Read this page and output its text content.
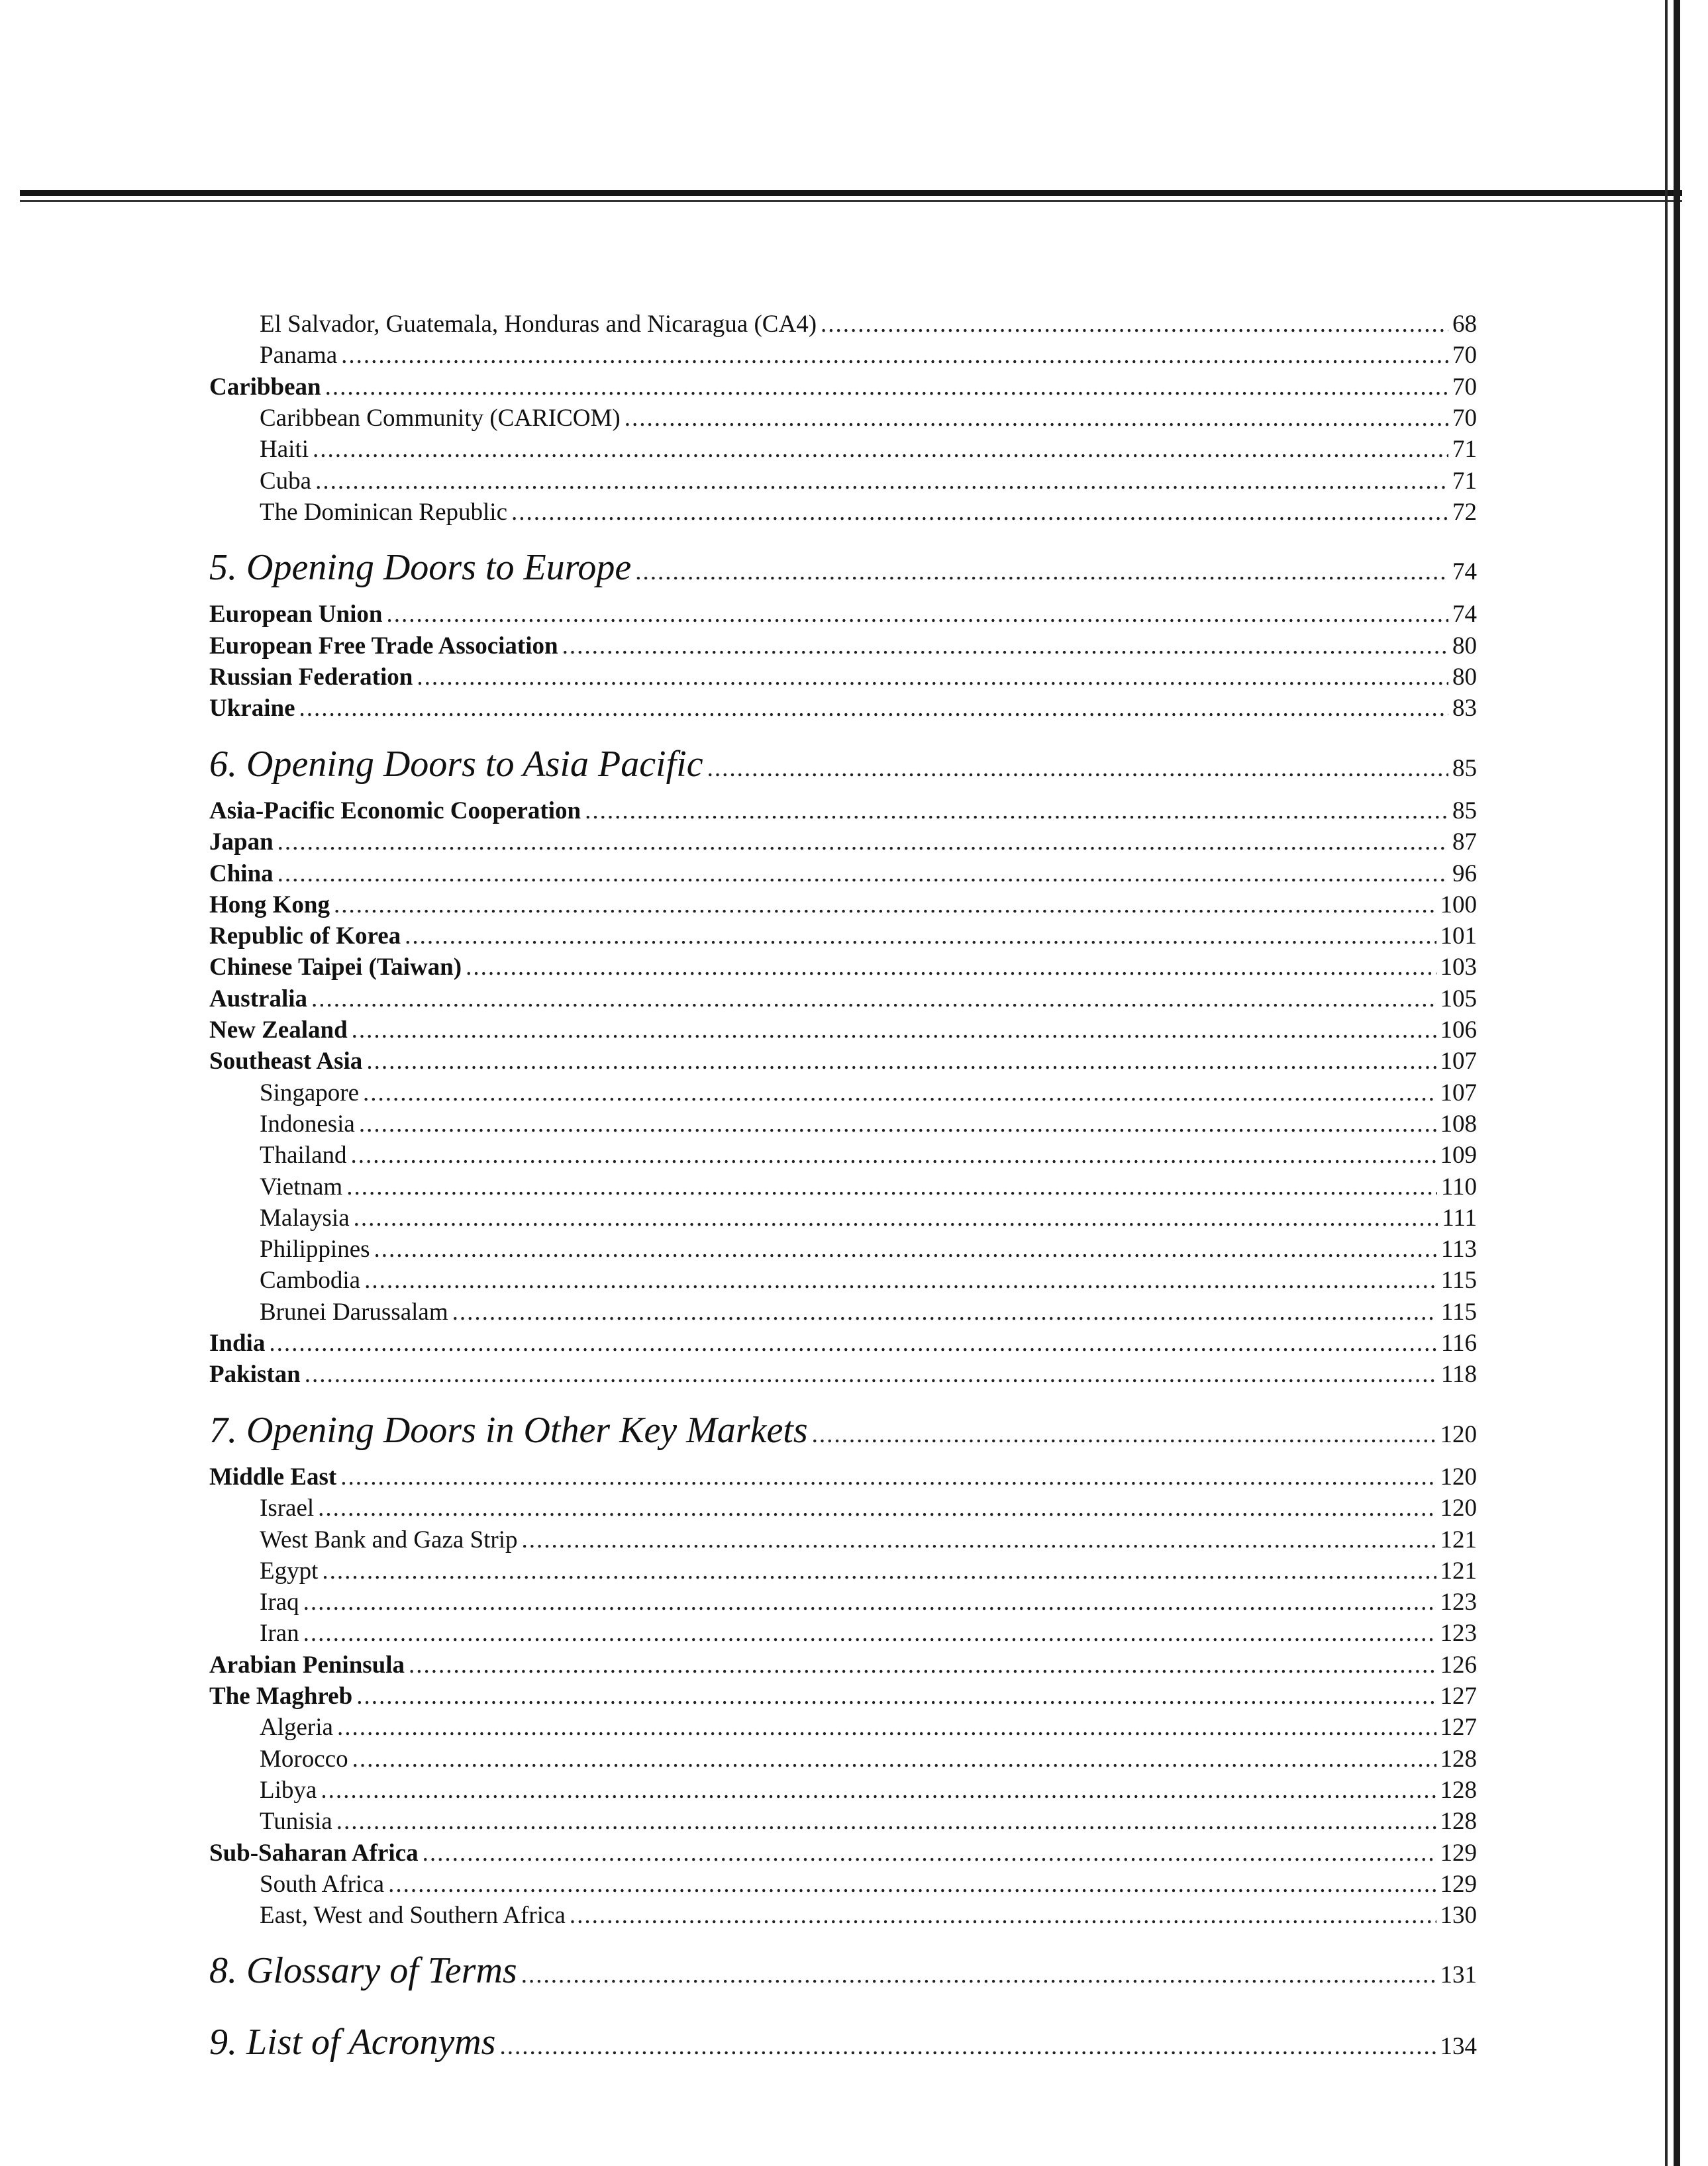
El Salvador, Guatemala, Honduras and Nicaragua (CA4) .....	68
Panama .....	70
Caribbean .....	70
Caribbean Community (CARICOM) .....	70
Haiti .....	71
Cuba .....	71
The Dominican Republic .....	72
5. Opening Doors to Europe .....	74
European Union .....	74
European Free Trade Association .....	80
Russian Federation .....	80
Ukraine .....	83
6. Opening Doors to Asia Pacific .....	85
Asia-Pacific Economic Cooperation .....	85
Japan .....	87
China .....	96
Hong Kong .....	100
Republic of Korea .....	101
Chinese Taipei (Taiwan) .....	103
Australia .....	105
New Zealand .....	106
Southeast Asia .....	107
Singapore .....	107
Indonesia .....	108
Thailand .....	109
Vietnam .....	110
Malaysia .....	111
Philippines .....	113
Cambodia .....	115
Brunei Darussalam .....	115
India .....	116
Pakistan .....	118
7. Opening Doors in Other Key Markets .....	120
Middle East .....	120
Israel .....	120
West Bank and Gaza Strip .....	121
Egypt .....	121
Iraq .....	123
Iran .....	123
Arabian Peninsula .....	126
The Maghreb .....	127
Algeria .....	127
Morocco .....	128
Libya .....	128
Tunisia .....	128
Sub-Saharan Africa .....	129
South Africa .....	129
East, West and Southern Africa .....	130
8. Glossary of Terms .....	131
9. List of Acronyms .....	134
